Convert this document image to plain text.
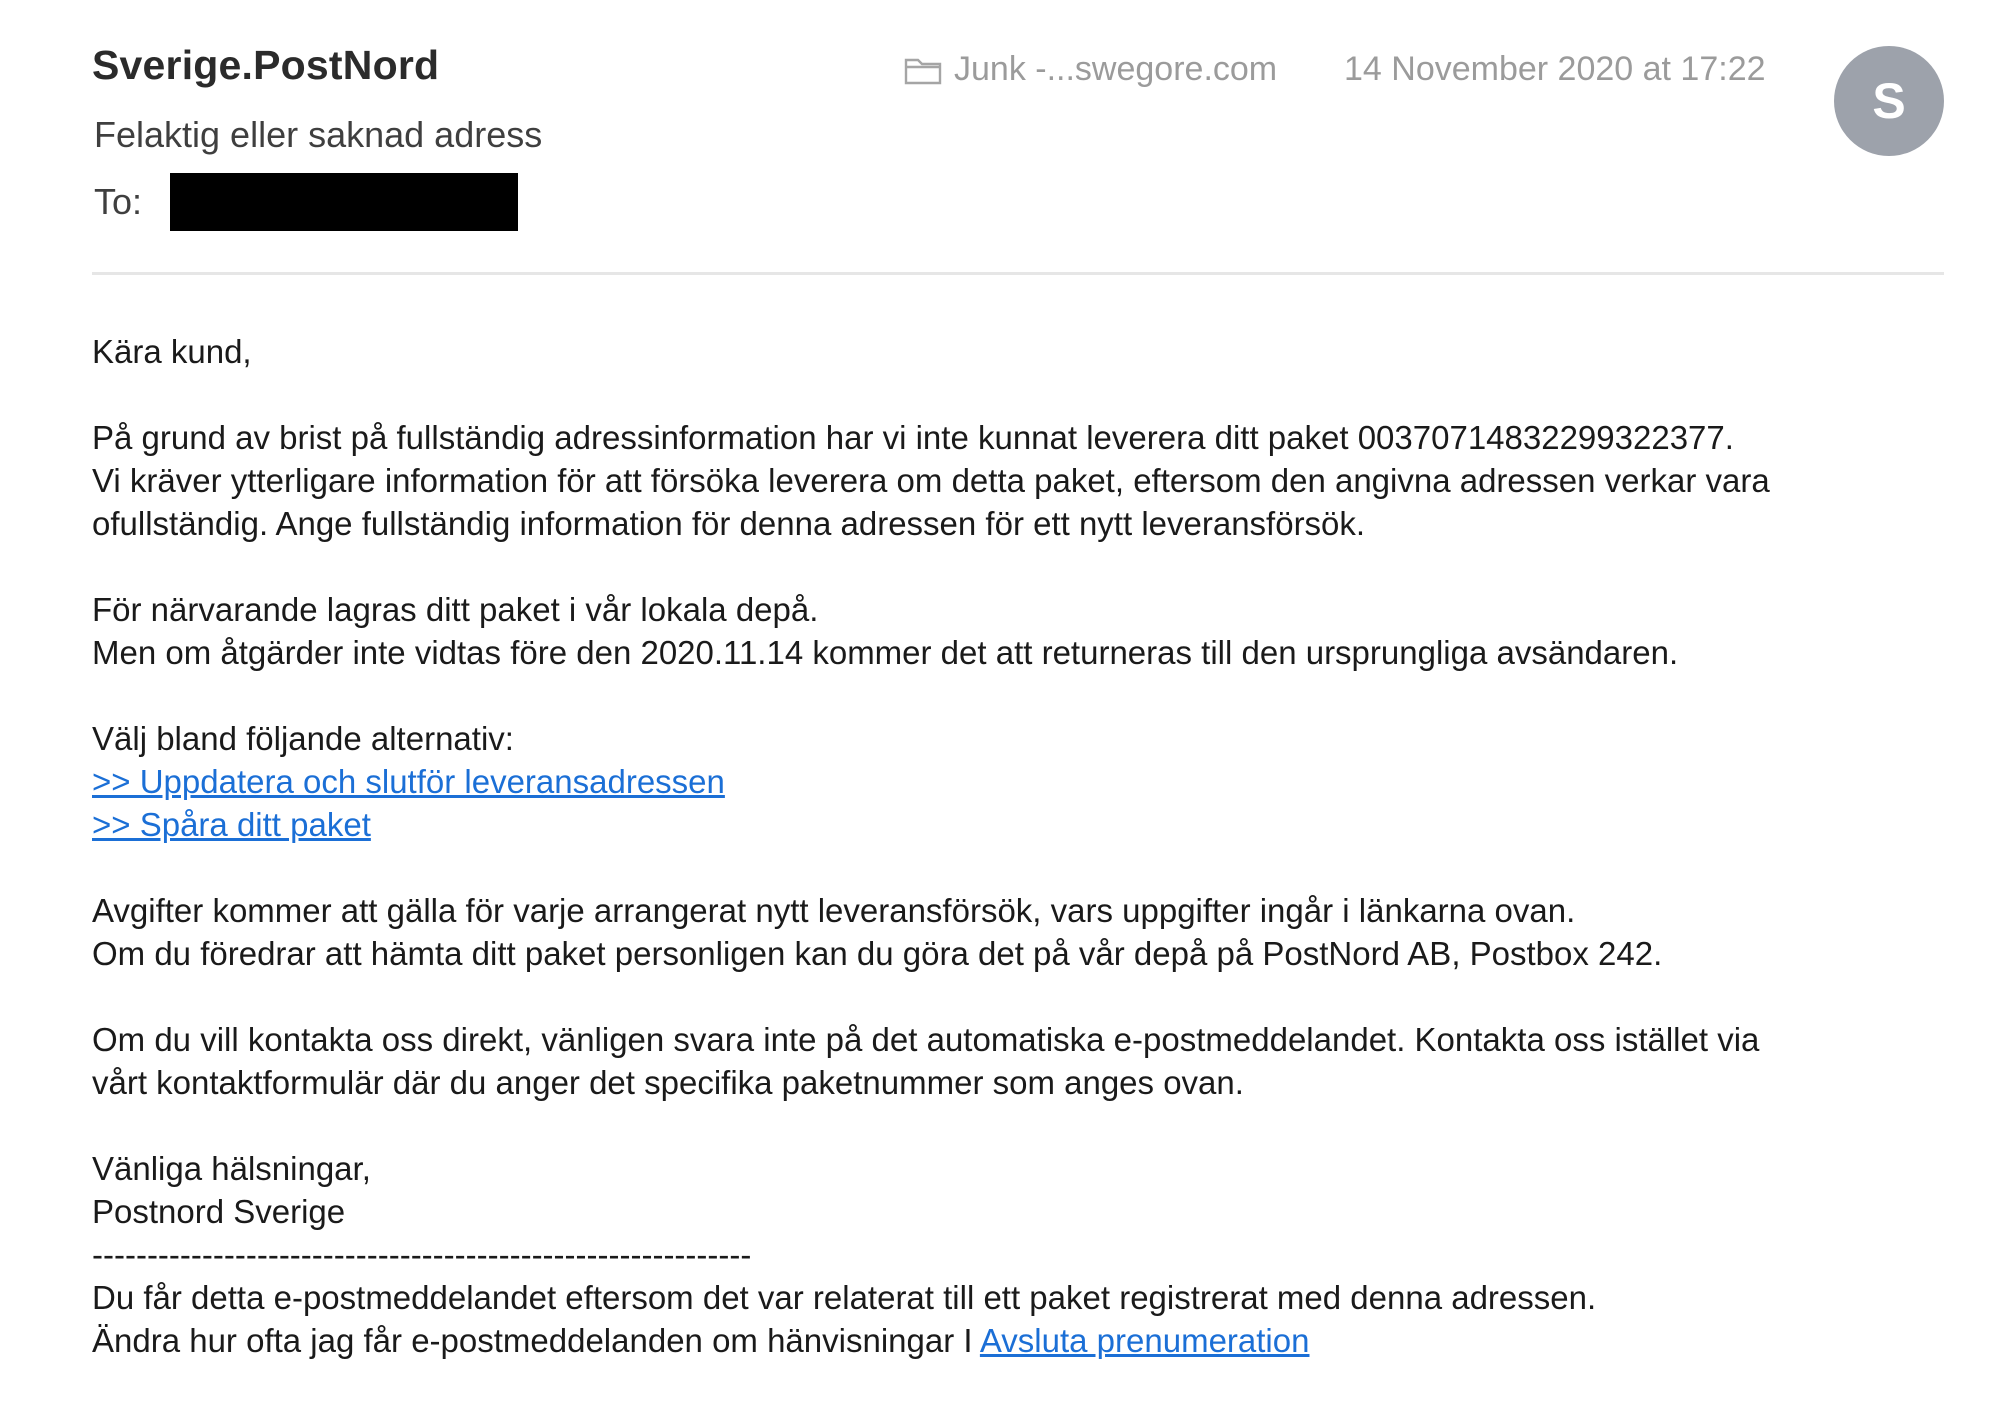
Sverige.PostNord
Felaktig eller saknad adress
To:
Junk -...swegore.com 14 November 2020 at 17:22
S

Kära kund,

På grund av brist på fullständig adressinformation har vi inte kunnat leverera ditt paket 00370714832299322377.
Vi kräver ytterligare information för att försöka leverera om detta paket, eftersom den angivna adressen verkar vara
ofullständig. Ange fullständig information för denna adressen för ett nytt leveransförsök.

För närvarande lagras ditt paket i vår lokala depå.
Men om åtgärder inte vidtas före den 2020.11.14 kommer det att returneras till den ursprungliga avsändaren.

Välj bland följande alternativ:
>> Uppdatera och slutför leveransadressen
>> Spåra ditt paket

Avgifter kommer att gälla för varje arrangerat nytt leveransförsök, vars uppgifter ingår i länkarna ovan.
Om du föredrar att hämta ditt paket personligen kan du göra det på vår depå på PostNord AB, Postbox 242.

Om du vill kontakta oss direkt, vänligen svara inte på det automatiska e-postmeddelandet. Kontakta oss istället via
vårt kontaktformulär där du anger det specifika paketnummer som anges ovan.

Vänliga hälsningar,
Postnord Sverige
------------------------------------------------------------

Du får detta e-postmeddelandet eftersom det var relaterat till ett paket registrerat med denna adressen.
Ändra hur ofta jag får e-postmeddelanden om hänvisningar I Avsluta prenumeration
